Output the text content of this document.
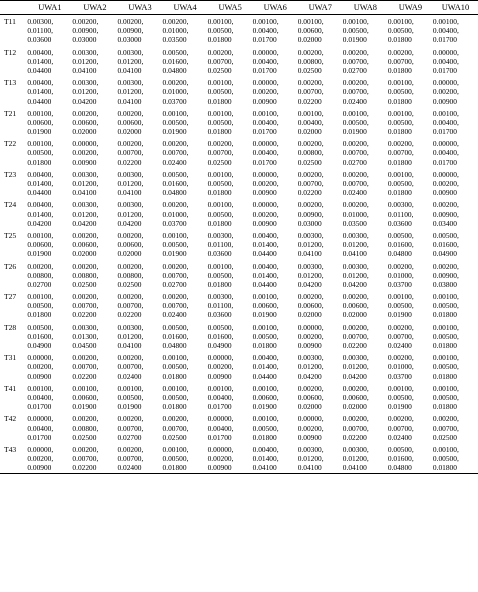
	UWA1	UWA2	UWA3	UWA4	UWA5	UWA6	UWA7	UWA8	UWA9	UWA10
T11	0.00300,
0.01100,
0.03600	0.00200,
0.00900,
0.03000	0.00200,
0.00900,
0.03000	0.00200,
0.01000,
0.03500	0.00100,
0.00500,
0.01800	0.00100,
0.00400,
0.01700	0.00100,
0.00600,
0.02000	0.00100,
0.00500,
0.01900	0.00100,
0.00500,
0.01800	0.00100,
0.00400,
0.01700

T12	0.00400,
0.01400,
0.04400	0.00300,
0.01200,
0.04100	0.00300,
0.01200,
0.04100	0.00500,
0.01600,
0.04800	0.00200,
0.00700,
0.02500	0.00000,
0.00400,
0.01700	0.00200,
0.00800,
0.02500	0.00200,
0.00700,
0.02700	0.00200,
0.00700,
0.01800	0.00000,
0.00400,
0.01700

T13	0.00400,
0.01400,
0.04400	0.00300,
0.01200,
0.04200	0.00300,
0.01200,
0.04100	0.00200,
0.01000,
0.03700	0.00100,
0.00500,
0.01800	0.00000,
0.00200,
0.00900	0.00200,
0.00700,
0.02200	0.00200,
0.00700,
0.02400	0.00100,
0.00500,
0.01800	0.00000,
0.00200,
0.00900

T21	0.00100,
0.00600,
0.01900	0.00200,
0.00600,
0.02000	0.00200,
0.00600,
0.02000	0.00100,
0.00500,
0.01900	0.00100,
0.00500,
0.01800	0.00100,
0.00400,
0.01700	0.00100,
0.00400,
0.02000	0.00100,
0.00500,
0.01900	0.00100,
0.00500,
0.01800	0.00100,
0.00400,
0.01700

T22	0.00100,
0.00500,
0.01800	0.00000,
0.00200,
0.00900	0.00200,
0.00700,
0.02200	0.00200,
0.00700,
0.02400	0.00200,
0.00700,
0.02500	0.00000,
0.00400,
0.01700	0.00200,
0.00800,
0.02500	0.00200,
0.00700,
0.02700	0.00200,
0.00700,
0.01800	0.00000,
0.00400,
0.01700

T23	0.00400,
0.01400,
0.04400	0.00300,
0.01200,
0.04100	0.00300,
0.01200,
0.04100	0.00500,
0.01600,
0.04800	0.00100,
0.00500,
0.01800	0.00000,
0.00200,
0.00900	0.00200,
0.00700,
0.02200	0.00200,
0.00700,
0.02400	0.00100,
0.00500,
0.01800	0.00000,
0.00200,
0.00900

T24	0.00400,
0.01400,
0.04200	0.00300,
0.01200,
0.04200	0.00300,
0.01200,
0.04200	0.00200,
0.01000,
0.03700	0.00100,
0.00500,
0.01800	0.00000,
0.00200,
0.00900	0.00200,
0.00900,
0.03000	0.00200,
0.01000,
0.03500	0.00300,
0.01100,
0.03600	0.00200,
0.00900,
0.03400

T25	0.00100,
0.00600,
0.01900	0.00200,
0.00600,
0.02000	0.00200,
0.00600,
0.02000	0.00100,
0.00500,
0.01900	0.00300,
0.01100,
0.03600	0.00400,
0.01400,
0.04400	0.00300,
0.01200,
0.04100	0.00300,
0.01200,
0.04100	0.00500,
0.01600,
0.04800	0.00500,
0.01600,
0.04900

T26	0.00200,
0.00800,
0.02700	0.00200,
0.00800,
0.02500	0.00200,
0.00800,
0.02500	0.00200,
0.00700,
0.02700	0.00100,
0.00500,
0.01800	0.00400,
0.01400,
0.04400	0.00300,
0.01200,
0.04200	0.00300,
0.01200,
0.04200	0.00200,
0.01000,
0.03700	0.00200,
0.00900,
0.03800

T27	0.00100,
0.00500,
0.01800	0.00200,
0.00700,
0.02200	0.00200,
0.00700,
0.02200	0.00200,
0.00700,
0.02400	0.00300,
0.01100,
0.03600	0.00100,
0.00600,
0.01900	0.00200,
0.00600,
0.02000	0.00200,
0.00600,
0.02000	0.00100,
0.00500,
0.01900	0.00100,
0.00500,
0.01800

T28	0.00500,
0.01600,
0.04900	0.00300,
0.01300,
0.04500	0.00300,
0.01200,
0.04100	0.00500,
0.01600,
0.04800	0.00500,
0.01600,
0.04900	0.00100,
0.00500,
0.01800	0.00000,
0.00200,
0.00900	0.00200,
0.00700,
0.02200	0.00200,
0.00700,
0.02400	0.00100,
0.00500,
0.01800

T31	0.00000,
0.00200,
0.00900	0.00200,
0.00700,
0.02200	0.00200,
0.00700,
0.02400	0.00100,
0.00500,
0.01800	0.00000,
0.00200,
0.00900	0.00400,
0.01400,
0.04400	0.00300,
0.01200,
0.04200	0.00300,
0.01200,
0.04200	0.00200,
0.01000,
0.03700	0.00100,
0.00500,
0.01800

T41	0.00100,
0.00400,
0.01700	0.00100,
0.00600,
0.01900	0.00100,
0.00500,
0.01900	0.00100,
0.00500,
0.01800	0.00100,
0.00400,
0.01700	0.00100,
0.00600,
0.01900	0.00200,
0.00600,
0.02000	0.00200,
0.00600,
0.02000	0.00100,
0.00500,
0.01900	0.00100,
0.00500,
0.01800

T42	0.00000,
0.00400,
0.01700	0.00200,
0.00800,
0.02500	0.00200,
0.00700,
0.02700	0.00200,
0.00700,
0.02500	0.00000,
0.00400,
0.01700	0.00100,
0.00500,
0.01800	0.00000,
0.00200,
0.00900	0.00200,
0.00700,
0.02200	0.00200,
0.00700,
0.02400	0.00200,
0.00700,
0.02500

T43	0.00000,
0.00200,
0.00900	0.00200,
0.00700,
0.02200	0.00200,
0.00700,
0.02400	0.00100,
0.00500,
0.01800	0.00000,
0.00200,
0.00900	0.00400,
0.01400,
0.04100	0.00300,
0.01200,
0.04100	0.00300,
0.01200,
0.04100	0.00500,
0.01600,
0.04800	0.00100,
0.00500,
0.01800
